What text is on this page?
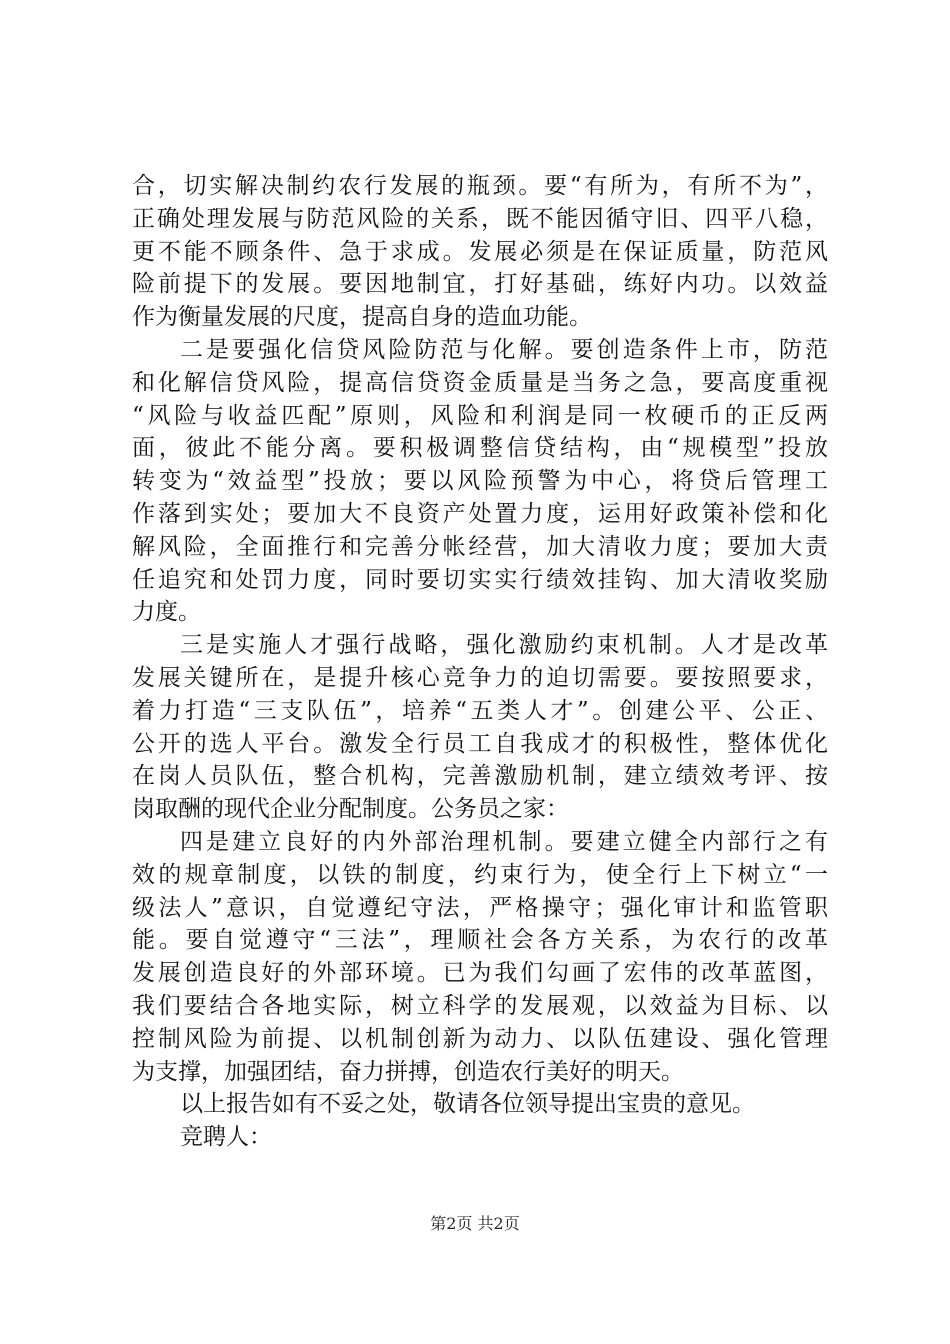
合，切实解决制约农行发展的瓶颈。要“有所为，有所不为”，
正确处理发展与防范风险的关系，既不能因循守旧、四平八稳，
更不能不顾条件、急于求成。发展必须是在保证质量，防范风
险前提下的发展。要因地制宜，打好基础，练好内功。以效益
作为衡量发展的尺度，提高自身的造血功能。
二是要强化信贷风险防范与化解。要创造条件上市，防范
和化解信贷风险，提高信贷资金质量是当务之急，要高度重视
“风险与收益匹配”原则，风险和利润是同一枚硬币的正反两
面，彼此不能分离。要积极调整信贷结构，由“规模型”投放
转变为“效益型”投放；要以风险预警为中心，将贷后管理工
作落到实处；要加大不良资产处置力度，运用好政策补偿和化
解风险，全面推行和完善分帐经营，加大清收力度；要加大责
任追究和处罚力度，同时要切实实行绩效挂钩、加大清收奖励
力度。
三是实施人才强行战略，强化激励约束机制。人才是改革
发展关键所在，是提升核心竞争力的迫切需要。要按照要求，
着力打造“三支队伍”，培养“五类人才”。创建公平、公正、
公开的选人平台。激发全行员工自我成才的积极性，整体优化
在岗人员队伍，整合机构，完善激励机制，建立绩效考评、按
岗取酬的现代企业分配制度。公务员之家：
四是建立良好的内外部治理机制。要建立健全内部行之有
效的规章制度，以铁的制度，约束行为，使全行上下树立“一
级法人”意识，自觉遵纪守法，严格操守；强化审计和监管职
能。要自觉遵守“三法”，理顺社会各方关系，为农行的改革
发展创造良好的外部环境。已为我们勾画了宏伟的改革蓝图，
我们要结合各地实际，树立科学的发展观，以效益为目标、以
控制风险为前提、以机制创新为动力、以队伍建设、强化管理
为支撑，加强团结，奋力拼搏，创造农行美好的明天。
以上报告如有不妥之处，敬请各位领导提出宝贵的意见。
竞聘人：
第2页 共2页
